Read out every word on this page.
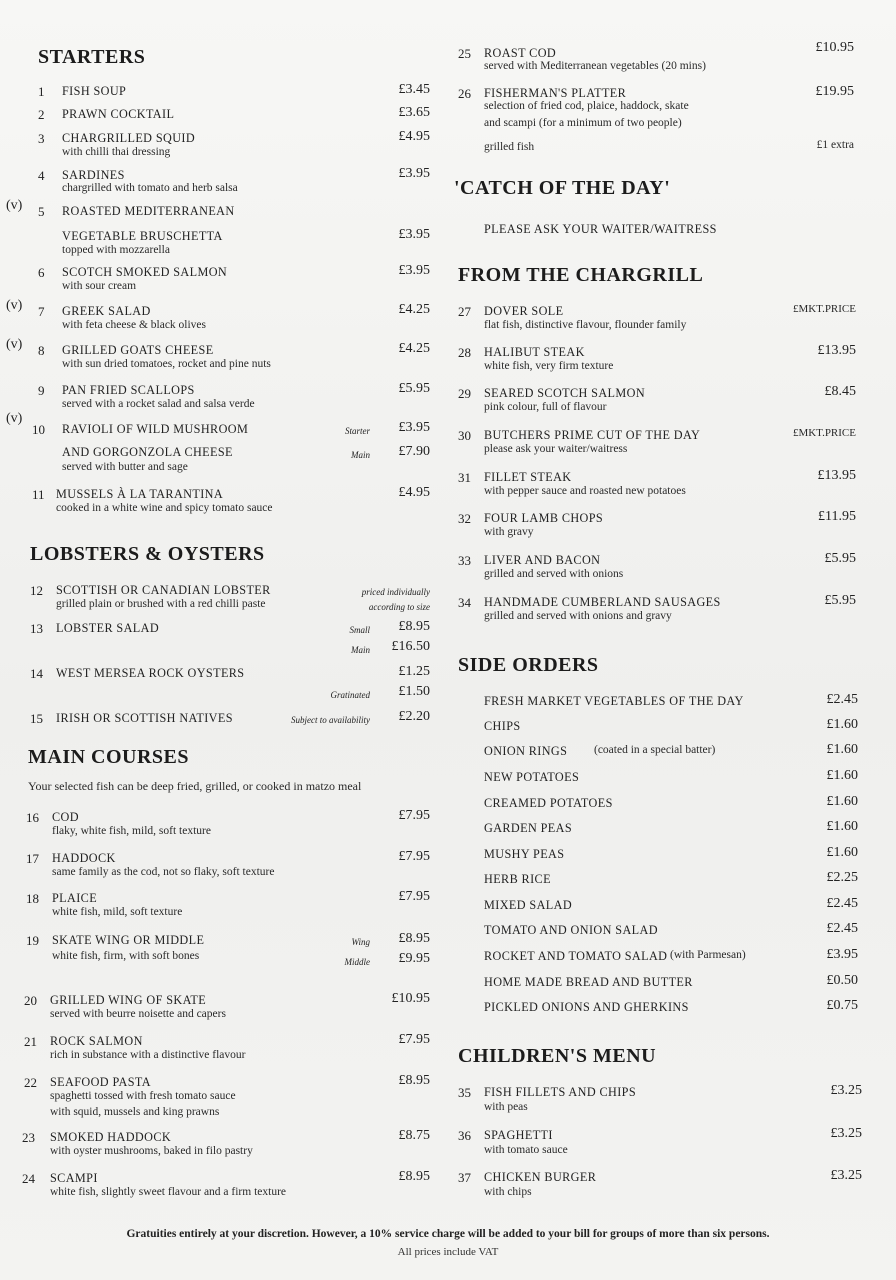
STARTERS
1 FISH SOUP	£3.45
2 PRAWN COCKTAIL	£3.65
3 CHARGRILLED SQUID	£4.95
with chilli thai dressing
4 SARDINES	£3.95
chargrilled with tomato and herb salsa
(v) 5 ROASTED MEDITERRANEAN
VEGETABLE BRUSCHETTA	£3.95
topped with mozzarella
6 SCOTCH SMOKED SALMON	£3.95
with sour cream
(v) 7 GREEK SALAD	£4.25
with feta cheese & black olives
(v) 8 GRILLED GOATS CHEESE	£4.25
with sun dried tomatoes, rocket and pine nuts
9 PAN FRIED SCALLOPS	£5.95
served with a rocket salad and salsa verde
(v)
10 RAVIOLI OF WILD MUSHROOM	Starter £3.95
AND GORGONZOLA CHEESE	Main £7.90
served with butter and sage
11 MUSSELS À LA TARANTINA	£4.95
cooked in a white wine and spicy tomato sauce
LOBSTERS & OYSTERS
12 SCOTTISH OR CANADIAN LOBSTER
grilled plain or brushed with a red chilli paste
priced individually
according to size
13 LOBSTER SALAD	Small £8.95
Main £16.50
14 WEST MERSEA ROCK OYSTERS	£1.25
Gratinated £1.50
15 IRISH OR SCOTTISH NATIVES	Subject to availability £2.20
MAIN COURSES
Your selected fish can be deep fried, grilled, or cooked in matzo meal
16 COD	£7.95
flaky, white fish, mild, soft texture
17 HADDOCK	£7.95
same family as the cod, not so flaky, soft texture
18 PLAICE	£7.95
white fish, mild, soft texture
19 SKATE WING OR MIDDLE	Wing £8.95
white fish, firm, with soft bones	Middle £9.95
20 GRILLED WING OF SKATE	£10.95
served with beurre noisette and capers
21 ROCK SALMON	£7.95
rich in substance with a distinctive flavour
22 SEAFOOD PASTA	£8.95
spaghetti tossed with fresh tomato sauce
with squid, mussels and king prawns
23 SMOKED HADDOCK	£8.75
with oyster mushrooms, baked in filo pastry
24 SCAMPI	£8.95
white fish, slightly sweet flavour and a firm texture
25 ROAST COD	£10.95
served with Mediterranean vegetables (20 mins)
26 FISHERMAN'S PLATTER	£19.95
selection of fried cod, plaice, haddock, skate
and scampi (for a minimum of two people)
grilled fish	£1 extra
'CATCH OF THE DAY'
PLEASE ASK YOUR WAITER/WAITRESS
FROM THE CHARGRILL
27 DOVER SOLE	£MKT.PRICE
flat fish, distinctive flavour, flounder family
28 HALIBUT STEAK	£13.95
white fish, very firm texture
29 SEARED SCOTCH SALMON	£8.45
pink colour, full of flavour
30 BUTCHERS PRIME CUT OF THE DAY	£MKT.PRICE
please ask your waiter/waitress
31 FILLET STEAK	£13.95
with pepper sauce and roasted new potatoes
32 FOUR LAMB CHOPS	£11.95
with gravy
33 LIVER AND BACON	£5.95
grilled and served with onions
34 HANDMADE CUMBERLAND SAUSAGES	£5.95
grilled and served with onions and gravy
SIDE ORDERS
FRESH MARKET VEGETABLES OF THE DAY	£2.45
CHIPS	£1.60
ONION RINGS (coated in a special batter)	£1.60
NEW POTATOES	£1.60
CREAMED POTATOES	£1.60
GARDEN PEAS	£1.60
MUSHY PEAS	£1.60
HERB RICE	£2.25
MIXED SALAD	£2.45
TOMATO AND ONION SALAD	£2.45
ROCKET AND TOMATO SALAD (with Parmesan)	£3.95
HOME MADE BREAD AND BUTTER	£0.50
PICKLED ONIONS AND GHERKINS	£0.75
CHILDREN'S MENU
35 FISH FILLETS AND CHIPS	£3.25
with peas
36 SPAGHETTI	£3.25
with tomato sauce
37 CHICKEN BURGER	£3.25
with chips
Gratuities entirely at your discretion. However, a 10% service charge will be added to your bill for groups of more than six persons.
All prices include VAT
